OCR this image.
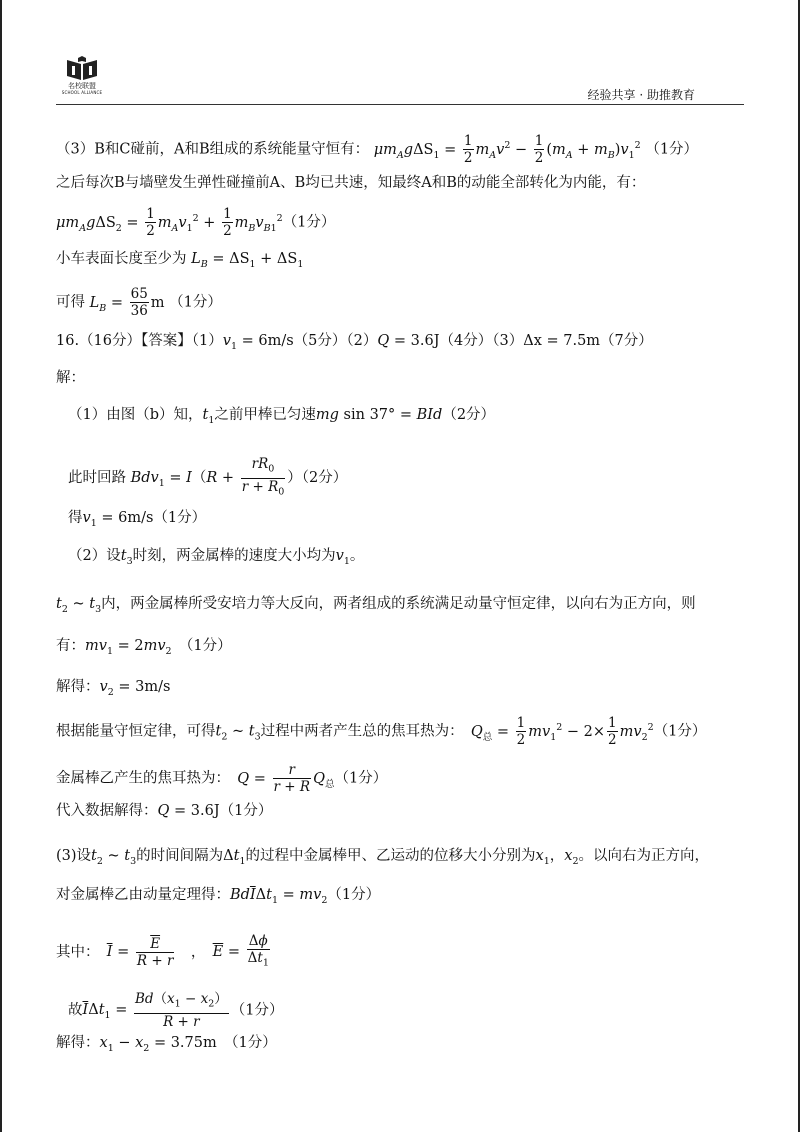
名校联盟
SCHOOL ALLIANCE	经验共享 · 助推教育
（3）B和C碰前，A和B组成的系统能量守恒有： $\mu m_Ag\Delta S_1 = \frac{1}{2} m_Av^2 - \frac{1}{2} (m_A + m_B)v_1^2$ （1分）
之后每次B与墙壁发生弹性碰撞前A、B均已共速，知最终A和B的动能全部转化为内能，有：
$\mu m_Ag\Delta S_2 = \frac{1}{2} m_Av_1^2 + \frac{1}{2} m_Bv_{B1}^2(1$分）
小车表面长度至少为 $L_B = \Delta S_1 + \Delta S_1$
可得 $L_B = \frac{65}{36}$ m （1分）
16.（16分）【答案】$(1)v_1 = 6m/s(5$分）（2）Q = 3.6J（4分）（3）Δx = 7.5m（7分）
解：
（1）由图（b）知，$t_1$之前甲棒已匀速mg sin 37° = BId（2分）
此时回路 $Bdv_1 = I(R + \frac{rR_0}{r + R_0} )(2$分）
得$v_1 = 6m/s(1$分）
（2）设$t_3$时刻，两金属棒的速度大小均为$v_1$。
$t_2$ ~ $t_3$内，两金属棒所受安培力等大反向，两者组成的系统满足动量守恒定律，以向右为正方向，则
有：$mv_1 = 2mv_2$　 （1分）
解得：$v_2 = 3m/s$
根据能量守恒定律，可得$t_2$ ~ $t_3$过程中两者产生总的焦耳热为：　 $Q_总 = \frac{1}{2} mv_1^2 - 2\times \frac{1}{2} mv_2^2(1$分）
金属棒乙产生的焦耳热为：　 $Q = \frac{r}{r + R} Q_总(1$分）
代入数据解得：Q = 3.6J（1分）
(3)设$t_2$ ~ $t_3$的时间间隔为$\Delta t_1$的过程中金属棒甲、乙运动的位移大小分别为$x_1$，$x_2$。以向右为正方向，
对金属棒乙由动量定理得：$Bd\overline{I}\Delta t_1 = mv_2(1$分）
其中：　 $\overline{I} = \frac{\overline{E}}{R + r}$ 　，　$\overline{E} = \frac{\Delta\phi}{\Delta t_1}$
故$\overline{I}\Delta t_1 = \frac{Bd(x_1 - x_2)}{R + r} (1$分）
解得：$x_1 - x_2 = 3.75m$　（1分）
